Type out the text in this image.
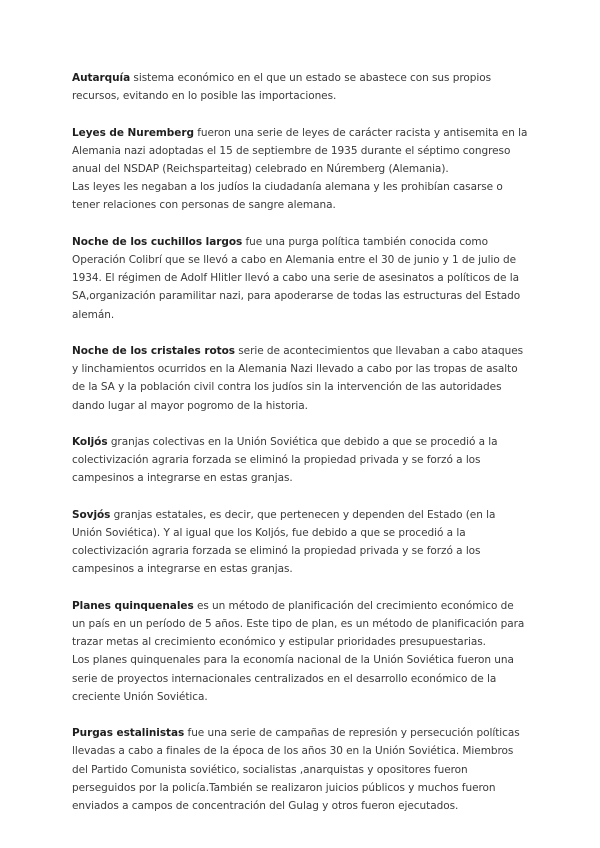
Autarquía sistema económico en el que un estado se abastece con sus propios recursos, evitando en lo posible las importaciones.
Leyes de Nuremberg fueron una serie de leyes de carácter racista y antisemita en la Alemania nazi adoptadas el 15 de septiembre de 1935 durante el séptimo congreso anual del NSDAP (Reichsparteitag) celebrado en Núremberg (Alemania).
Las leyes les negaban a los judíos la ciudadanía alemana y les prohibían casarse o tener relaciones con personas de sangre alemana.
Noche de los cuchillos largos fue una purga política también conocida como Operación Colibrí que se llevó a cabo en Alemania entre el 30 de junio y 1 de julio de 1934. El régimen de Adolf Hlitler llevó a cabo una serie de asesinatos a políticos de la SA,organización paramilitar nazi, para apoderarse de todas las estructuras del Estado alemán.
Noche de los cristales rotos serie de acontecimientos que llevaban a cabo ataques y linchamientos ocurridos en la Alemania Nazi llevado a cabo por las tropas de asalto de la SA y la población civil contra los judíos sin la intervención de las autoridades dando lugar al mayor pogromo de la historia.
Koljós granjas colectivas en la Unión Soviética que debido a que se procedió a la colectivización agraria forzada se eliminó la propiedad privada y se forzó a los campesinos a integrarse en estas granjas.
Sovjós granjas estatales, es decir, que pertenecen y dependen del Estado (en la Unión Soviética). Y al igual que los Koljós, fue debido a que se procedió a la colectivización agraria forzada se eliminó la propiedad privada y se forzó a los campesinos a integrarse en estas granjas.
Planes quinquenales es un método de planificación del crecimiento económico de un país en un período de 5 años. Este tipo de plan, es un método de planificación para trazar metas al crecimiento económico y estipular prioridades presupuestarias.
Los planes quinquenales para la economía nacional de la Unión Soviética fueron una serie de proyectos internacionales centralizados en el desarrollo económico de la creciente Unión Soviética.
Purgas estalinistas fue una serie de campañas de represión y persecución políticas llevadas a cabo a finales de la época de los años 30 en la Unión Soviética. Miembros del Partido Comunista soviético, socialistas ,anarquistas y opositores fueron perseguidos por la policía.También se realizaron juicios públicos y muchos fueron enviados a campos de concentración del Gulag y otros fueron ejecutados.
